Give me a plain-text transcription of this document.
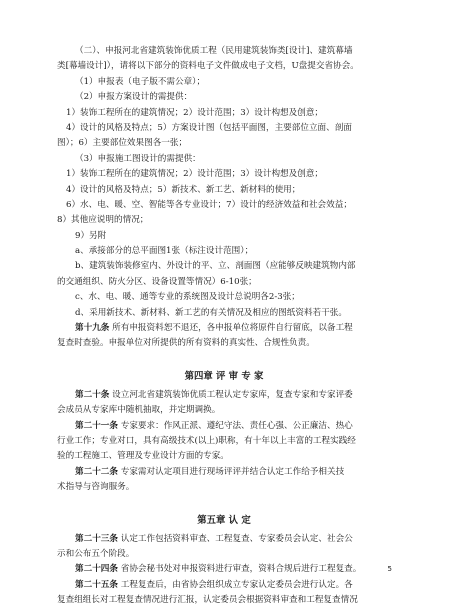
（二）、申报河北省建筑装饰优质工程（民用建筑装饰类[设计]、建筑幕墙
类[幕墙设计]），请将以下部分的资料电子文件做成电子文档，U盘提交省协会。
（1）申报表（电子版不需公章）；
（2）申报方案设计的需提供：
1）装饰工程所在的建筑情况；2）设计范围；3）设计构想及创意；
4）设计的风格及特点；5）方案设计图（包括平面图，主要部位立面、剖面
图）；6）主要部位效果图各一张；
（3）申报施工图设计的需提供：
1）装饰工程所在的建筑情况；2）设计范围；3）设计构想及创意；
4）设计的风格及特点；5）新技术、新工艺、新材料的使用；
6）水、电、暖、空、智能等各专业设计；7）设计的经济效益和社会效益；
8）其他应说明的情况；
9）另附
a、承接部分的总平面图1张（标注设计范围）；
b、建筑装饰装修室内、外设计的平、立、剖面图（应能够反映建筑物内部
的交通组织、防火分区、设备设置等情况）6-10张；
c、水、电、暖、通等专业的系统图及设计总说明各2-3张；
d、采用新技术、新材料、新工艺的有关情况及相应的图纸资料若干张。
第十九条 所有申报资料恕不退还，各申报单位将原件自行留底，以备工程
复查时查验。申报单位对所提供的所有资料的真实性、合规性负责。
第四章 评 审 专 家
第二十条 设立河北省建筑装饰优质工程认定专家库，复查专家和专家评委
会成员从专家库中随机抽取，并定期调换。
第二十一条 专家要求：作风正派、遵纪守法、责任心强、公正廉洁、热心
行业工作；专业对口，具有高级技术(以上)职称，有十年以上丰富的工程实践经
验的工程施工、管理及专业设计方面的专家。
第二十二条 专家需对认定项目进行现场评评并结合认定工作给予相关技
术指导与咨询服务。
第五章 认 定
第二十三条 认定工作包括资料审查、工程复查、专家委员会认定、社会公
示和公布五个阶段。
第二十四条 省协会秘书处对申报资料进行审查，资料合规后进行工程复查。
第二十五条 工程复查后，由省协会组织成立专家认定委员会进行认定。各
复查组组长对工程复查情况进行汇报，认定委员会根据资料审查和工程复查情况
5
